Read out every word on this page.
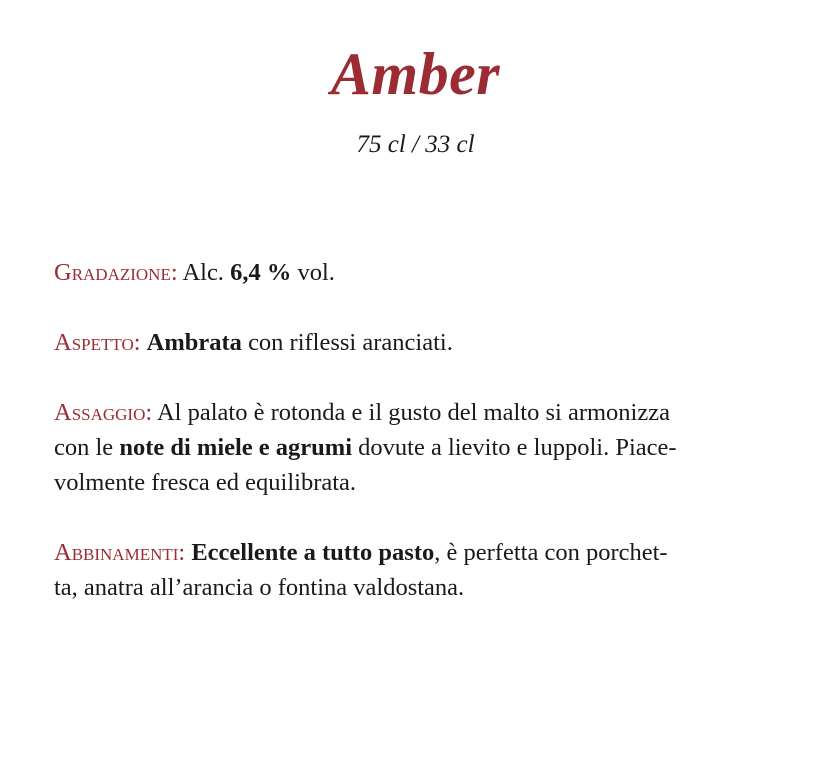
Amber
75 cl / 33 cl

Gradazione: Alc. 6,4 % vol.

Aspetto: Ambrata con riflessi aranciati.

Assaggio: Al palato è rotonda e il gusto del malto si armonizza
con le note di miele e agrumi dovute a lievito e luppoli. Piace-
volmente fresca ed equilibrata.

Abbinamenti: Eccellente a tutto pasto, è perfetta con porchet-
ta, anatra all’arancia o fontina valdostana.
